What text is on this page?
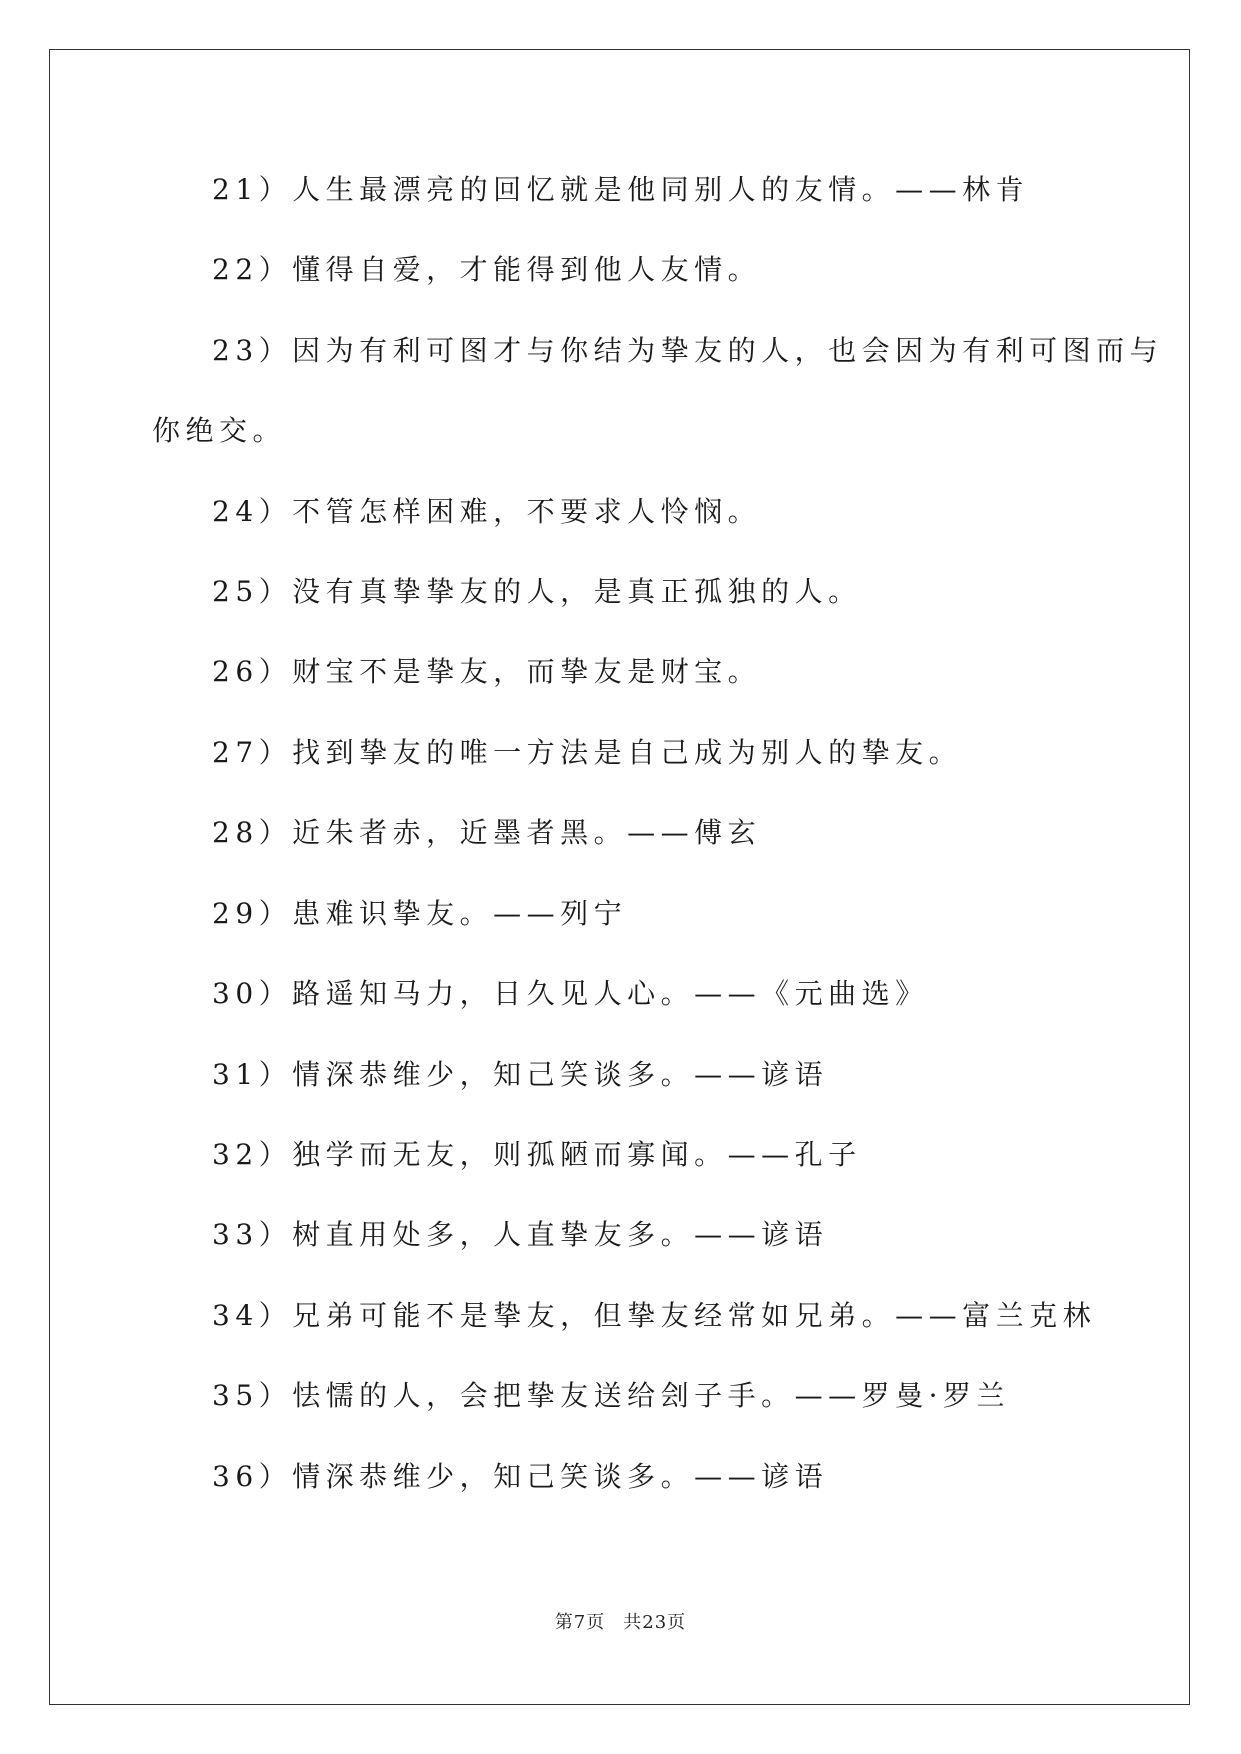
21）人生最漂亮的回忆就是他同别人的友情。——林肯
22）懂得自爱，才能得到他人友情。
23）因为有利可图才与你结为挚友的人，也会因为有利可图而与
你绝交。
24）不管怎样困难，不要求人怜悯。
25）没有真挚挚友的人，是真正孤独的人。
26）财宝不是挚友，而挚友是财宝。
27）找到挚友的唯一方法是自己成为别人的挚友。
28）近朱者赤，近墨者黑。——傅玄
29）患难识挚友。——列宁
30）路遥知马力，日久见人心。——《元曲选》
31）情深恭维少，知己笑谈多。——谚语
32）独学而无友，则孤陋而寡闻。——孔子
33）树直用处多，人直挚友多。——谚语
34）兄弟可能不是挚友，但挚友经常如兄弟。——富兰克林
35）怯懦的人，会把挚友送给刽子手。——罗曼·罗兰
36）情深恭维少，知己笑谈多。——谚语
第7页 共23页
